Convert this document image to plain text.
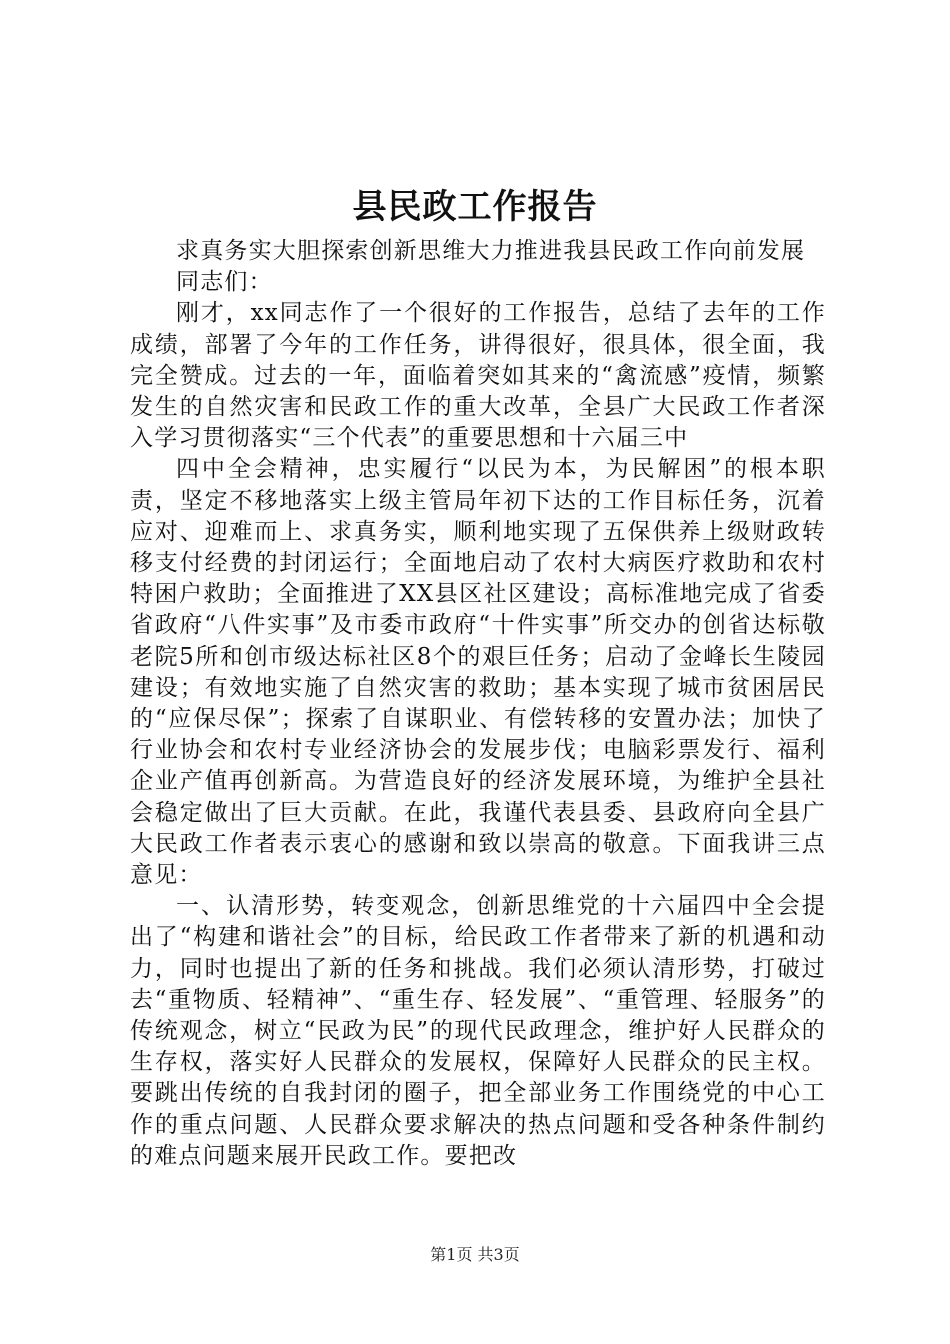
县民政工作报告

求真务实大胆探索创新思维大力推进我县民政工作向前发展

同志们：

刚才，xx同志作了一个很好的工作报告，总结了去年的工作成绩，部署了今年的工作任务，讲得很好，很具体，很全面，我完全赞成。过去的一年，面临着突如其来的“禽流感”疫情，频繁发生的自然灾害和民政工作的重大改革，全县广大民政工作者深入学习贯彻落实“三个代表”的重要思想和十六届三中

四中全会精神，忠实履行“以民为本，为民解困”的根本职责，坚定不移地落实上级主管局年初下达的工作目标任务，沉着应对、迎难而上、求真务实，顺利地实现了五保供养上级财政转移支付经费的封闭运行；全面地启动了农村大病医疗救助和农村特困户救助；全面推进了XX县区社区建设；高标准地完成了省委省政府“八件实事”及市委市政府“十件实事”所交办的创省达标敬老院5所和创市级达标社区8个的艰巨任务；启动了金峰长生陵园建设；有效地实施了自然灾害的救助；基本实现了城市贫困居民的“应保尽保”；探索了自谋职业、有偿转移的安置办法；加快了行业协会和农村专业经济协会的发展步伐；电脑彩票发行、福利企业产值再创新高。为营造良好的经济发展环境，为维护全县社会稳定做出了巨大贡献。在此，我谨代表县委、县政府向全县广大民政工作者表示衷心的感谢和致以崇高的敬意。下面我讲三点意见：

一、认清形势，转变观念，创新思维党的十六届四中全会提出了“构建和谐社会”的目标，给民政工作者带来了新的机遇和动力，同时也提出了新的任务和挑战。我们必须认清形势，打破过去“重物质、轻精神”、“重生存、轻发展”、“重管理、轻服务”的传统观念，树立“民政为民”的现代民政理念，维护好人民群众的生存权，落实好人民群众的发展权，保障好人民群众的民主权。要跳出传统的自我封闭的圈子，把全部业务工作围绕党的中心工作的重点问题、人民群众要求解决的热点问题和受各种条件制约的难点问题来展开民政工作。要把改

第1页 共3页
